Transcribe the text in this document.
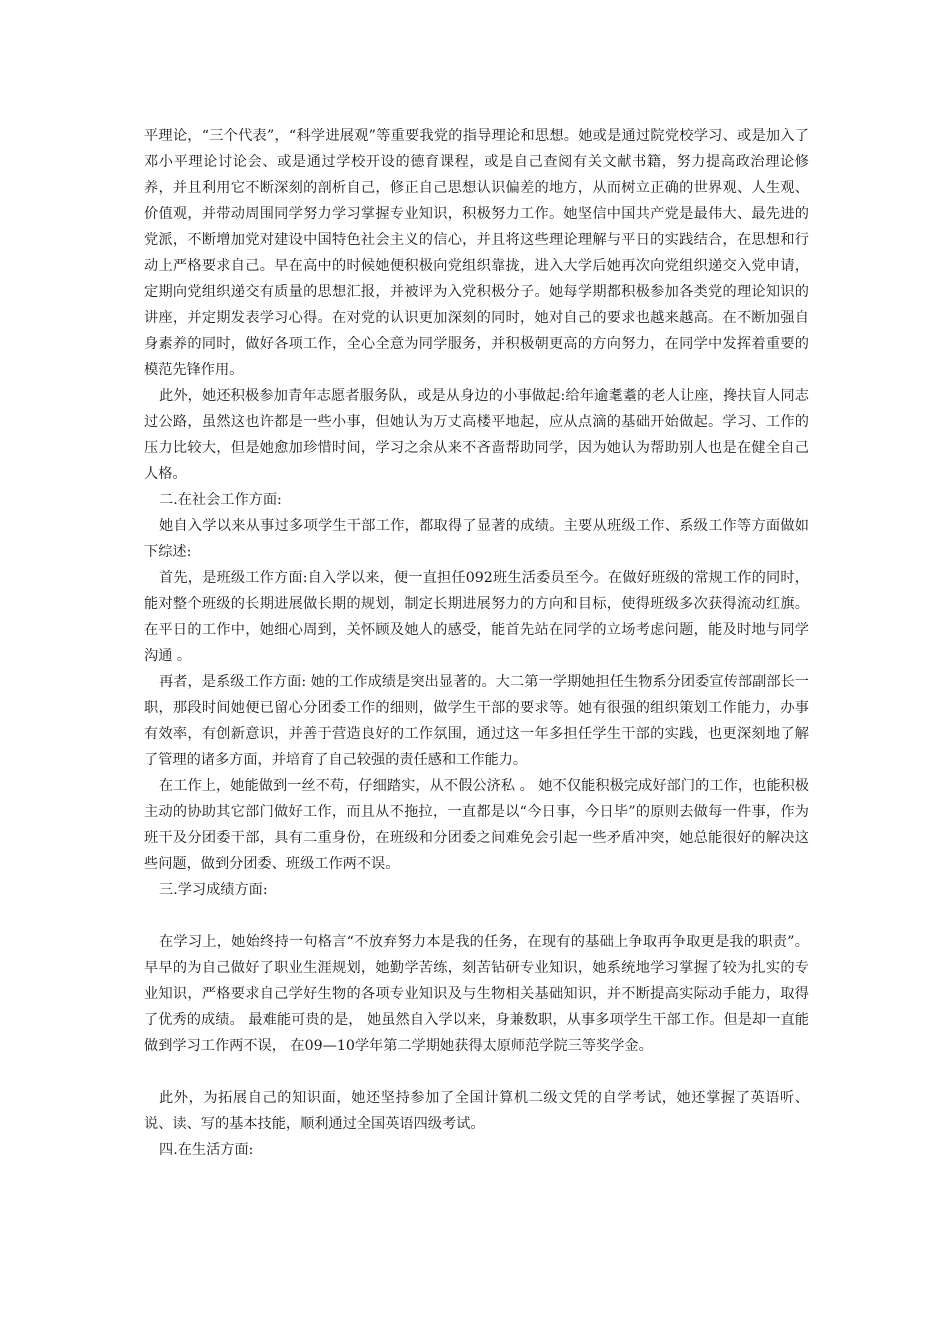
平理论，“三个代表”，“科学进展观”等重要我党的指导理论和思想。她或是通过院党校学习、或是加入了邓小平理论讨论会、或是通过学校开设的德育课程，或是自己查阅有关文献书籍，努力提高政治理论修养，并且利用它不断深刻的剖析自己，修正自己思想认识偏差的地方，从而树立正确的世界观、人生观、价值观，并带动周围同学努力学习掌握专业知识，积极努力工作。她坚信中国共产党是最伟大、最先进的党派，不断增加党对建设中国特色社会主义的信心，并且将这些理论理解与平日的实践结合，在思想和行动上严格要求自己。早在高中的时候她便积极向党组织靠拢，进入大学后她再次向党组织递交入党申请，定期向党组织递交有质量的思想汇报，并被评为入党积极分子。她每学期都积极参加各类党的理论知识的讲座，并定期发表学习心得。在对党的认识更加深刻的同时，她对自己的要求也越来越高。在不断加强自身素养的同时，做好各项工作，全心全意为同学服务，并积极朝更高的方向努力，在同学中发挥着重要的模范先锋作用。

此外，她还积极参加青年志愿者服务队，或是从身边的小事做起:给年逾耄耋的老人让座，搀扶盲人同志过公路，虽然这也许都是一些小事，但她认为万丈高楼平地起，应从点滴的基础开始做起。学习、工作的压力比较大，但是她愈加珍惜时间，学习之余从来不吝啬帮助同学，因为她认为帮助别人也是在健全自己人格。

二.在社会工作方面:

她自入学以来从事过多项学生干部工作，都取得了显著的成绩。主要从班级工作、系级工作等方面做如下综述:

首先，是班级工作方面:自入学以来，便一直担任092班生活委员至今。在做好班级的常规工作的同时，能对整个班级的长期进展做长期的规划，制定长期进展努力的方向和目标，使得班级多次获得流动红旗。在平日的工作中，她细心周到，关怀顾及她人的感受，能首先站在同学的立场考虑问题，能及时地与同学沟通 。

再者，是系级工作方面: 她的工作成绩是突出显著的。大二第一学期她担任生物系分团委宣传部副部长一职，那段时间她便已留心分团委工作的细则，做学生干部的要求等。她有很强的组织策划工作能力，办事有效率，有创新意识，并善于营造良好的工作氛围，通过这一年多担任学生干部的实践，也更深刻地了解了管理的诸多方面，并培育了自己较强的责任感和工作能力。

在工作上，她能做到一丝不苟，仔细踏实，从不假公济私 。 她不仅能积极完成好部门的工作，也能积极主动的协助其它部门做好工作，而且从不拖拉，一直都是以“今日事，今日毕”的原则去做每一件事，作为班干及分团委干部，具有二重身份，在班级和分团委之间难免会引起一些矛盾冲突，她总能很好的解决这些问题，做到分团委、班级工作两不误。

三.学习成绩方面:

在学习上，她始终持一句格言“不放弃努力本是我的任务，在现有的基础上争取再争取更是我的职责”。早早的为自己做好了职业生涯规划，她勤学苦练，刻苦钻研专业知识，她系统地学习掌握了较为扎实的专业知识，严格要求自己学好生物的各项专业知识及与生物相关基础知识，并不断提高实际动手能力，取得了优秀的成绩。 最难能可贵的是， 她虽然自入学以来，身兼数职，从事多项学生干部工作。但是却一直能做到学习工作两不误， 在09—10学年第二学期她获得太原师范学院三等奖学金。

此外，为拓展自己的知识面，她还坚持参加了全国计算机二级文凭的自学考试，她还掌握了英语听、说、读、写的基本技能，顺利通过全国英语四级考试。

四.在生活方面:
